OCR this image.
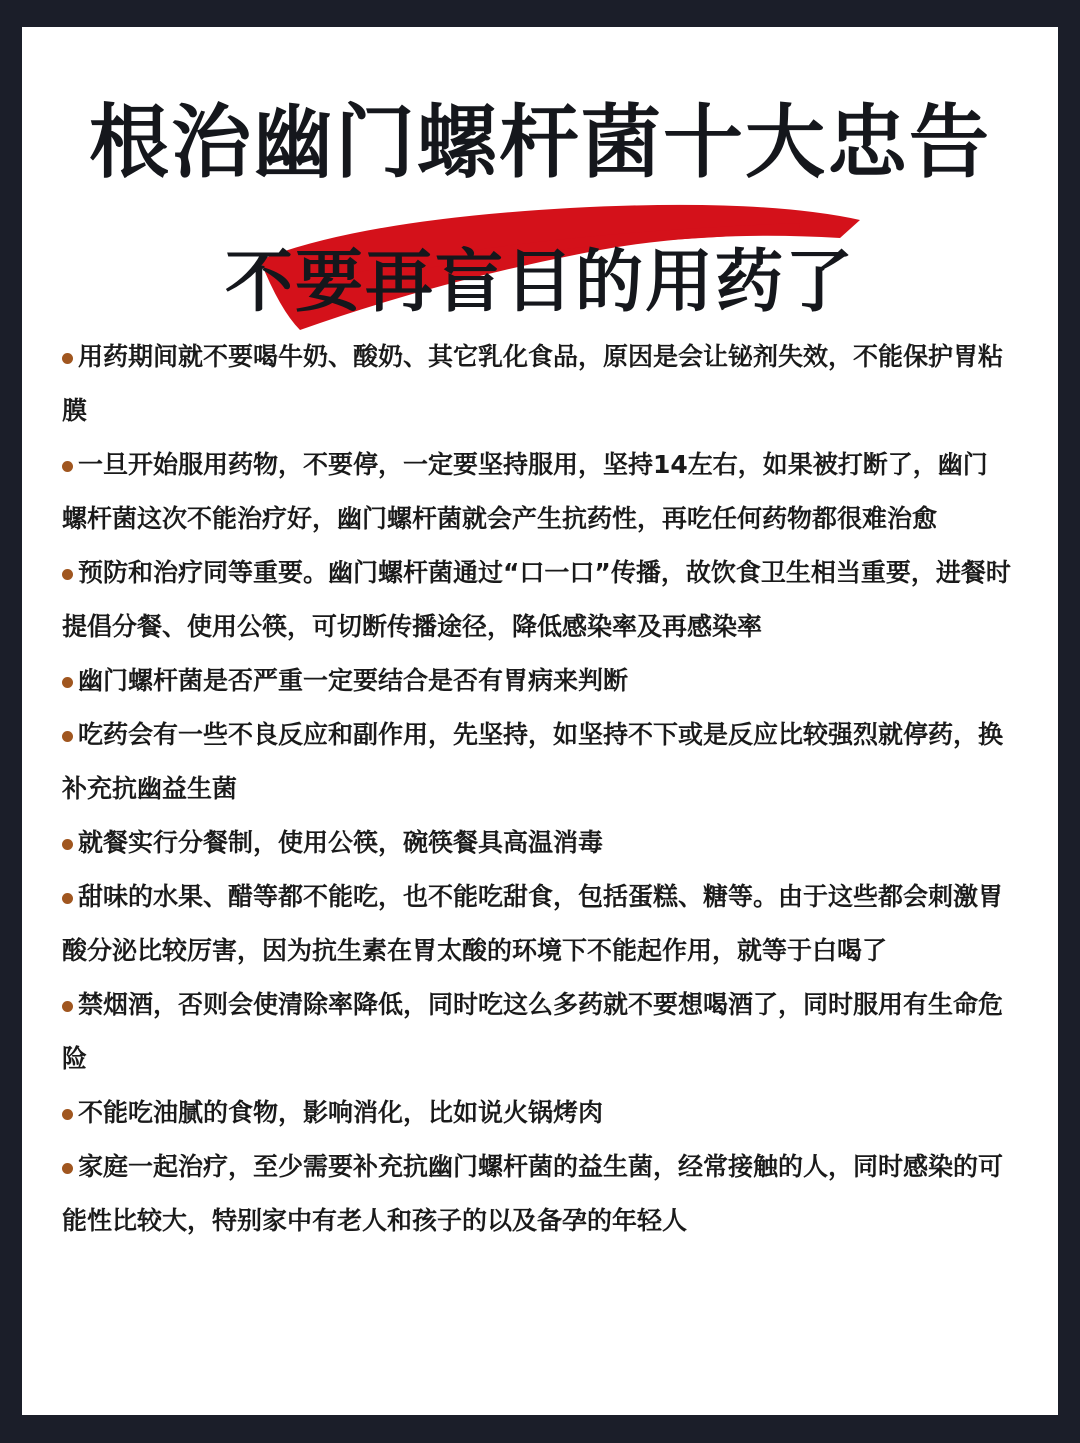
根治幽门螺杆菌十大忠告
不要再盲目的用药了

用药期间就不要喝牛奶、酸奶、其它乳化食品，原因是会让铋剂失效，不能保护胃粘膜

一旦开始服用药物，不要停，一定要坚持服用，坚持14左右，如果被打断了，幽门螺杆菌这次不能治疗好，幽门螺杆菌就会产生抗药性，再吃任何药物都很难治愈

预防和治疗同等重要。幽门螺杆菌通过“口一口”传播，故饮食卫生相当重要，进餐时提倡分餐、使用公筷，可切断传播途径，降低感染率及再感染率

幽门螺杆菌是否严重一定要结合是否有胃病来判断

吃药会有一些不良反应和副作用，先坚持，如坚持不下或是反应比较强烈就停药，换补充抗幽益生菌

就餐实行分餐制，使用公筷，碗筷餐具高温消毒

甜味的水果、醋等都不能吃，也不能吃甜食，包括蛋糕、糖等。由于这些都会刺激胃酸分泌比较厉害，因为抗生素在胃太酸的环境下不能起作用，就等于白喝了

禁烟酒，否则会使清除率降低，同时吃这么多药就不要想喝酒了，同时服用有生命危险

不能吃油腻的食物，影响消化，比如说火锅烤肉

家庭一起治疗，至少需要补充抗幽门螺杆菌的益生菌，经常接触的人，同时感染的可能性比较大，特别家中有老人和孩子的以及备孕的年轻人
